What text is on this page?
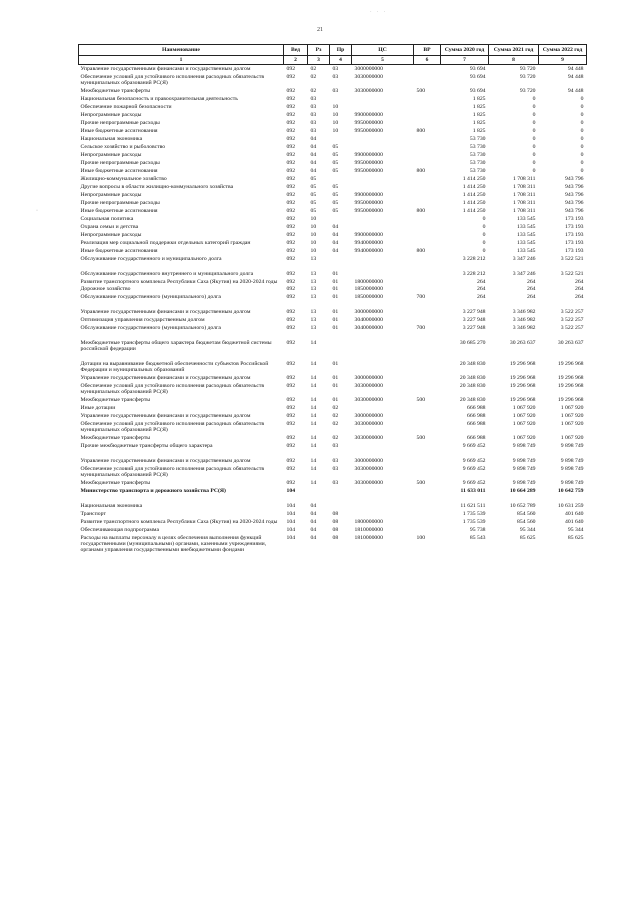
· · ·
21
·
Наименование	Вед	Рз	Пр	ЦС	ВР	Сумма 2020 год	Сумма 2021 год	Сумма 2022 год
1	2	3	4	5	6	7	8	9
Управление государственными финансами и государственным долгом	092	02	03	3000000000		93 694	93 720	94 448
Обеспечение условий для устойчивого исполнения расходных обязательств муниципальных образований РС(Я)	092	02	03	3030000000		93 694	93 720	94 448
Межбюджетные трансферты	092	02	03	3030000000	500	93 694	93 720	94 448
Национальная безопасность и правоохранительная деятельность	092	03				1 825	0	0
Обеспечение пожарной безопасности	092	03	10			1 825	0	0
Непрограммные расходы	092	03	10	9900000000		1 825	0	0
Прочие непрограммные расходы	092	03	10	9950000000		1 825	0	0
Иные бюджетные ассигнования	092	03	10	9950000000	800	1 825	0	0
Национальная экономика	092	04				53 730	0	0
Сельское хозяйство и рыболовство	092	04	05			53 730	0	0
Непрограммные расходы	092	04	05	9900000000		53 730	0	0
Прочие непрограммные расходы	092	04	05	9950000000		53 730	0	0
Иные бюджетные ассигнования	092	04	05	9950000000	800	53 730	0	0
Жилищно-коммунальное хозяйство	092	05				1 414 250	1 708 311	943 796
Другие вопросы в области жилищно-коммунального хозяйства	092	05	05			1 414 250	1 708 311	943 796
Непрограммные расходы	092	05	05	9900000000		1 414 250	1 708 311	943 796
Прочие непрограммные расходы	092	05	05	9950000000		1 414 250	1 708 311	943 796
Иные бюджетные ассигнования	092	05	05	9950000000	800	1 414 250	1 708 311	943 796
Социальная политика	092	10				0	133 545	173 193
Охрана семьи и детства	092	10	04			0	133 545	173 193
Непрограммные расходы	092	10	04	9900000000		0	133 545	173 193
Реализация мер социальной поддержки отдельных категорий граждан	092	10	04	9940000000		0	133 545	173 193
Иные бюджетные ассигнования	092	10	04	9940000000	800	0	133 545	173 193
Обслуживание государственного и муниципального долга	092	13				3 228 212	3 347 246	3 522 521
Обслуживание государственного внутреннего и муниципального долга	092	13	01			3 228 212	3 347 246	3 522 521
Развитие транспортного комплекса Республики Саха (Якутия) на 2020-2024 годы	092	13	01	1800000000		264	264	264
Дорожное хозяйство	092	13	01	1850000000		264	264	264
Обслуживание государственного (муниципального) долга	092	13	01	1850000000	700	264	264	264
Управление государственными финансами и государственным долгом	092	13	01	3000000000		3 227 948	3 346 982	3 522 257
Оптимизация управления государственным долгом	092	13	01	3040000000		3 227 948	3 346 982	3 522 257
Обслуживание государственного (муниципального) долга	092	13	01	3040000000	700	3 227 948	3 346 982	3 522 257
Межбюджетные трансферты общего характера бюджетам бюджетной системы российской федерации	092	14				30 685 270	30 263 637	30 263 637
Дотации на выравнивание бюджетной обеспеченности субъектов Российской Федерации и муниципальных образований	092	14	01			20 348 830	19 296 968	19 296 968
Управление государственными финансами и государственным долгом	092	14	01	3000000000		20 348 830	19 296 968	19 296 968
Обеспечение условий для устойчивого исполнения расходных обязательств муниципальных образований РС(Я)	092	14	01	3030000000		20 348 830	19 296 968	19 296 968
Межбюджетные трансферты	092	14	01	3030000000	500	20 348 830	19 296 968	19 296 968
Иные дотации	092	14	02			666 988	1 067 920	1 067 920
Управление государственными финансами и государственным долгом	092	14	02	3000000000		666 988	1 067 920	1 067 920
Обеспечение условий для устойчивого исполнения расходных обязательств муниципальных образований РС(Я)	092	14	02	3030000000		666 988	1 067 920	1 067 920
Межбюджетные трансферты	092	14	02	3030000000	500	666 988	1 067 920	1 067 920
Прочие межбюджетные трансферты общего характера	092	14	03			9 669 452	9 898 749	9 898 749
Управление государственными финансами и государственным долгом	092	14	03	3000000000		9 669 452	9 898 749	9 898 749
Обеспечение условий для устойчивого исполнения расходных обязательств муниципальных образований РС(Я)	092	14	03	3030000000		9 669 452	9 898 749	9 898 749
Межбюджетные трансферты	092	14	03	3030000000	500	9 669 452	9 898 749	9 898 749
Министерство транспорта и дорожного хозяйства РС(Я)	104					11 633 011	10 664 289	10 642 759
Национальная экономика	104	04				11 621 511	10 652 789	10 631 259
Транспорт	104	04	08			1 735 539	854 560	401 640
Развитие транспортного комплекса Республики Саха (Якутия) на 2020-2024 годы	104	04	08	1800000000		1 735 539	854 560	401 640
Обеспечивающая подпрограмма	104	04	08	1810000000		95 738	95 344	95 344
Расходы на выплаты персоналу в целях обеспечения выполнения функций государственными (муниципальными) органами, казенными учреждениями, органами управления государственными внебюджетными фондами	104	04	08	1810000000	100	85 543	85 625	85 625
